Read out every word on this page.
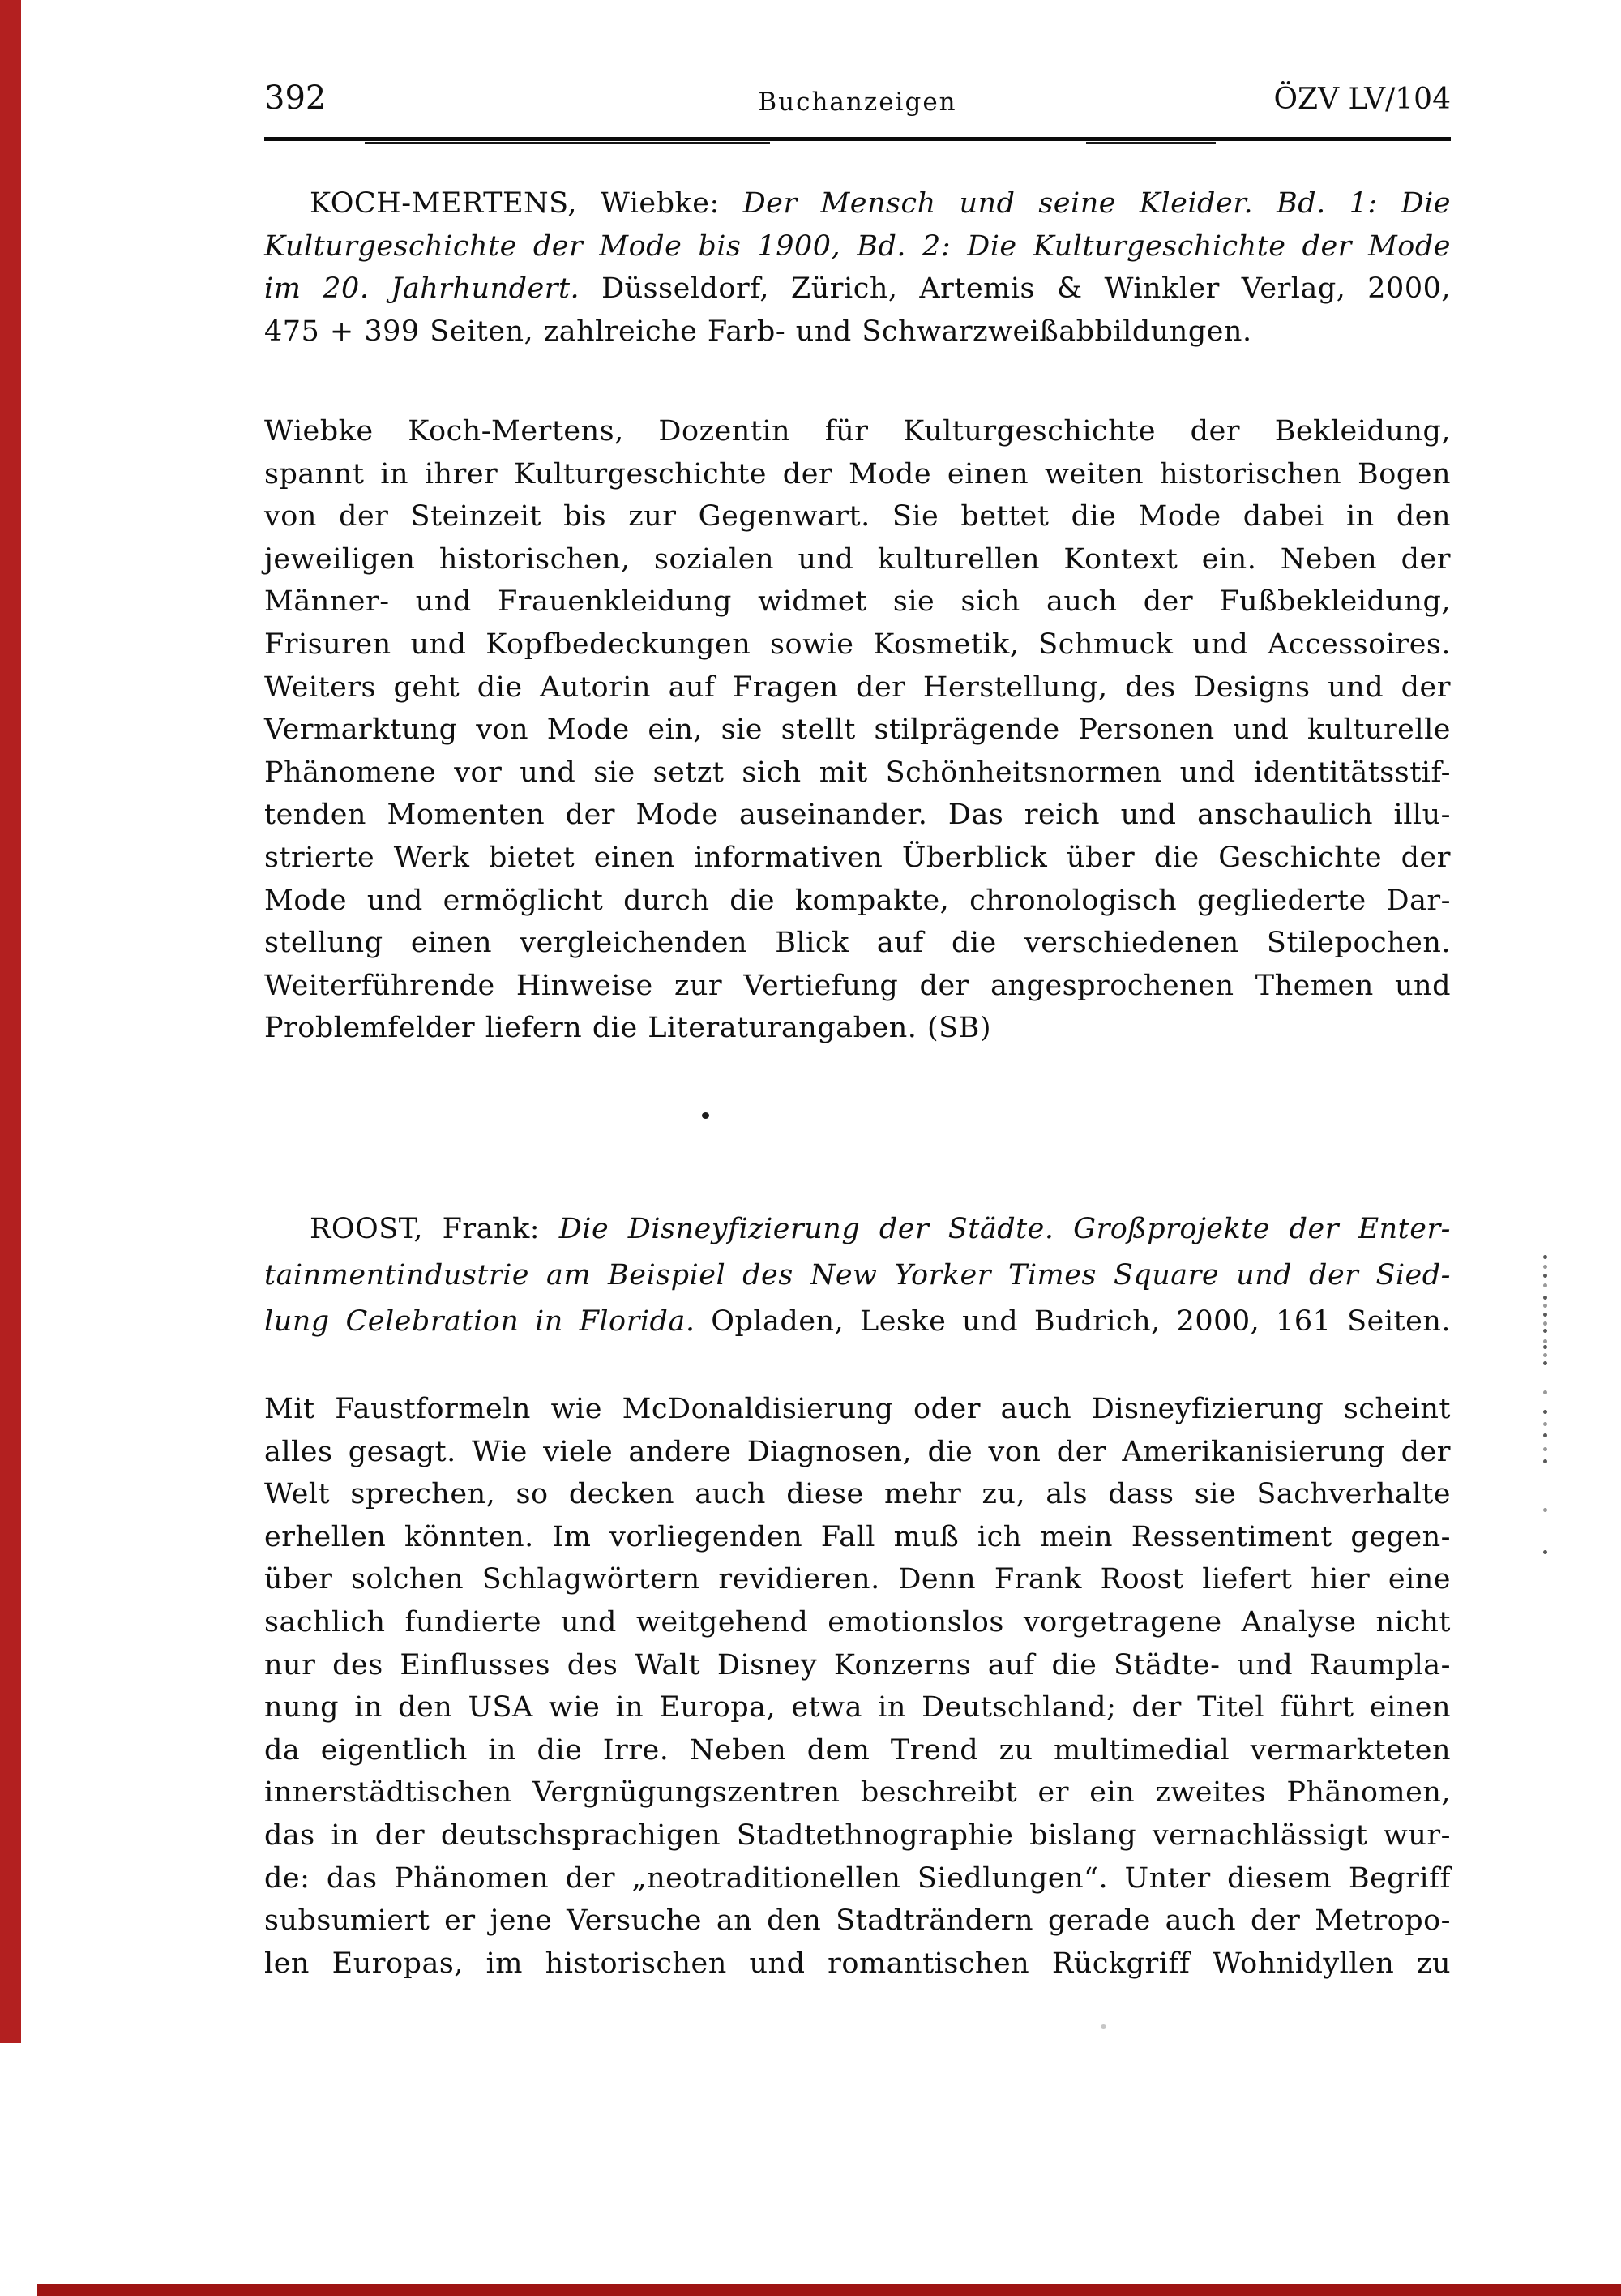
392	Buchanzeigen	ÖZV LV/104
KOCH-MERTENS, Wiebke: Der Mensch und seine Kleider. Bd. 1: Die
Kulturgeschichte der Mode bis 1900, Bd. 2: Die Kulturgeschichte der Mode
im 20. Jahrhundert. Düsseldorf, Zürich, Artemis & Winkler Verlag, 2000,
475 + 399 Seiten, zahlreiche Farb- und Schwarzweißabbildungen.
Wiebke Koch-Mertens, Dozentin für Kulturgeschichte der Bekleidung,
spannt in ihrer Kulturgeschichte der Mode einen weiten historischen Bogen
von der Steinzeit bis zur Gegenwart. Sie bettet die Mode dabei in den
jeweiligen historischen, sozialen und kulturellen Kontext ein. Neben der
Männer- und Frauenkleidung widmet sie sich auch der Fußbekleidung,
Frisuren und Kopfbedeckungen sowie Kosmetik, Schmuck und Accessoires.
Weiters geht die Autorin auf Fragen der Herstellung, des Designs und der
Vermarktung von Mode ein, sie stellt stilprägende Personen und kulturelle
Phänomene vor und sie setzt sich mit Schönheitsnormen und identitätsstif-
tenden Momenten der Mode auseinander. Das reich und anschaulich illu-
strierte Werk bietet einen informativen Überblick über die Geschichte der
Mode und ermöglicht durch die kompakte, chronologisch gegliederte Dar-
stellung einen vergleichenden Blick auf die verschiedenen Stilepochen.
Weiterführende Hinweise zur Vertiefung der angesprochenen Themen und
Problemfelder liefern die Literaturangaben. (SB)
ROOST, Frank: Die Disneyfizierung der Städte. Großprojekte der Enter-
tainmentindustrie am Beispiel des New Yorker Times Square und der Sied-
lung Celebration in Florida. Opladen, Leske und Budrich, 2000, 161 Seiten.
Mit Faustformeln wie McDonaldisierung oder auch Disneyfizierung scheint
alles gesagt. Wie viele andere Diagnosen, die von der Amerikanisierung der
Welt sprechen, so decken auch diese mehr zu, als dass sie Sachverhalte
erhellen könnten. Im vorliegenden Fall muß ich mein Ressentiment gegen-
über solchen Schlagwörtern revidieren. Denn Frank Roost liefert hier eine
sachlich fundierte und weitgehend emotionslos vorgetragene Analyse nicht
nur des Einflusses des Walt Disney Konzerns auf die Städte- und Raumpla-
nung in den USA wie in Europa, etwa in Deutschland; der Titel führt einen
da eigentlich in die Irre. Neben dem Trend zu multimedial vermarkteten
innerstädtischen Vergnügungszentren beschreibt er ein zweites Phänomen,
das in der deutschsprachigen Stadtethnographie bislang vernachlässigt wur-
de: das Phänomen der „neotraditionellen Siedlungen“. Unter diesem Begriff
subsumiert er jene Versuche an den Stadträndern gerade auch der Metropo-
len Europas, im historischen und romantischen Rückgriff Wohnidyllen zu
